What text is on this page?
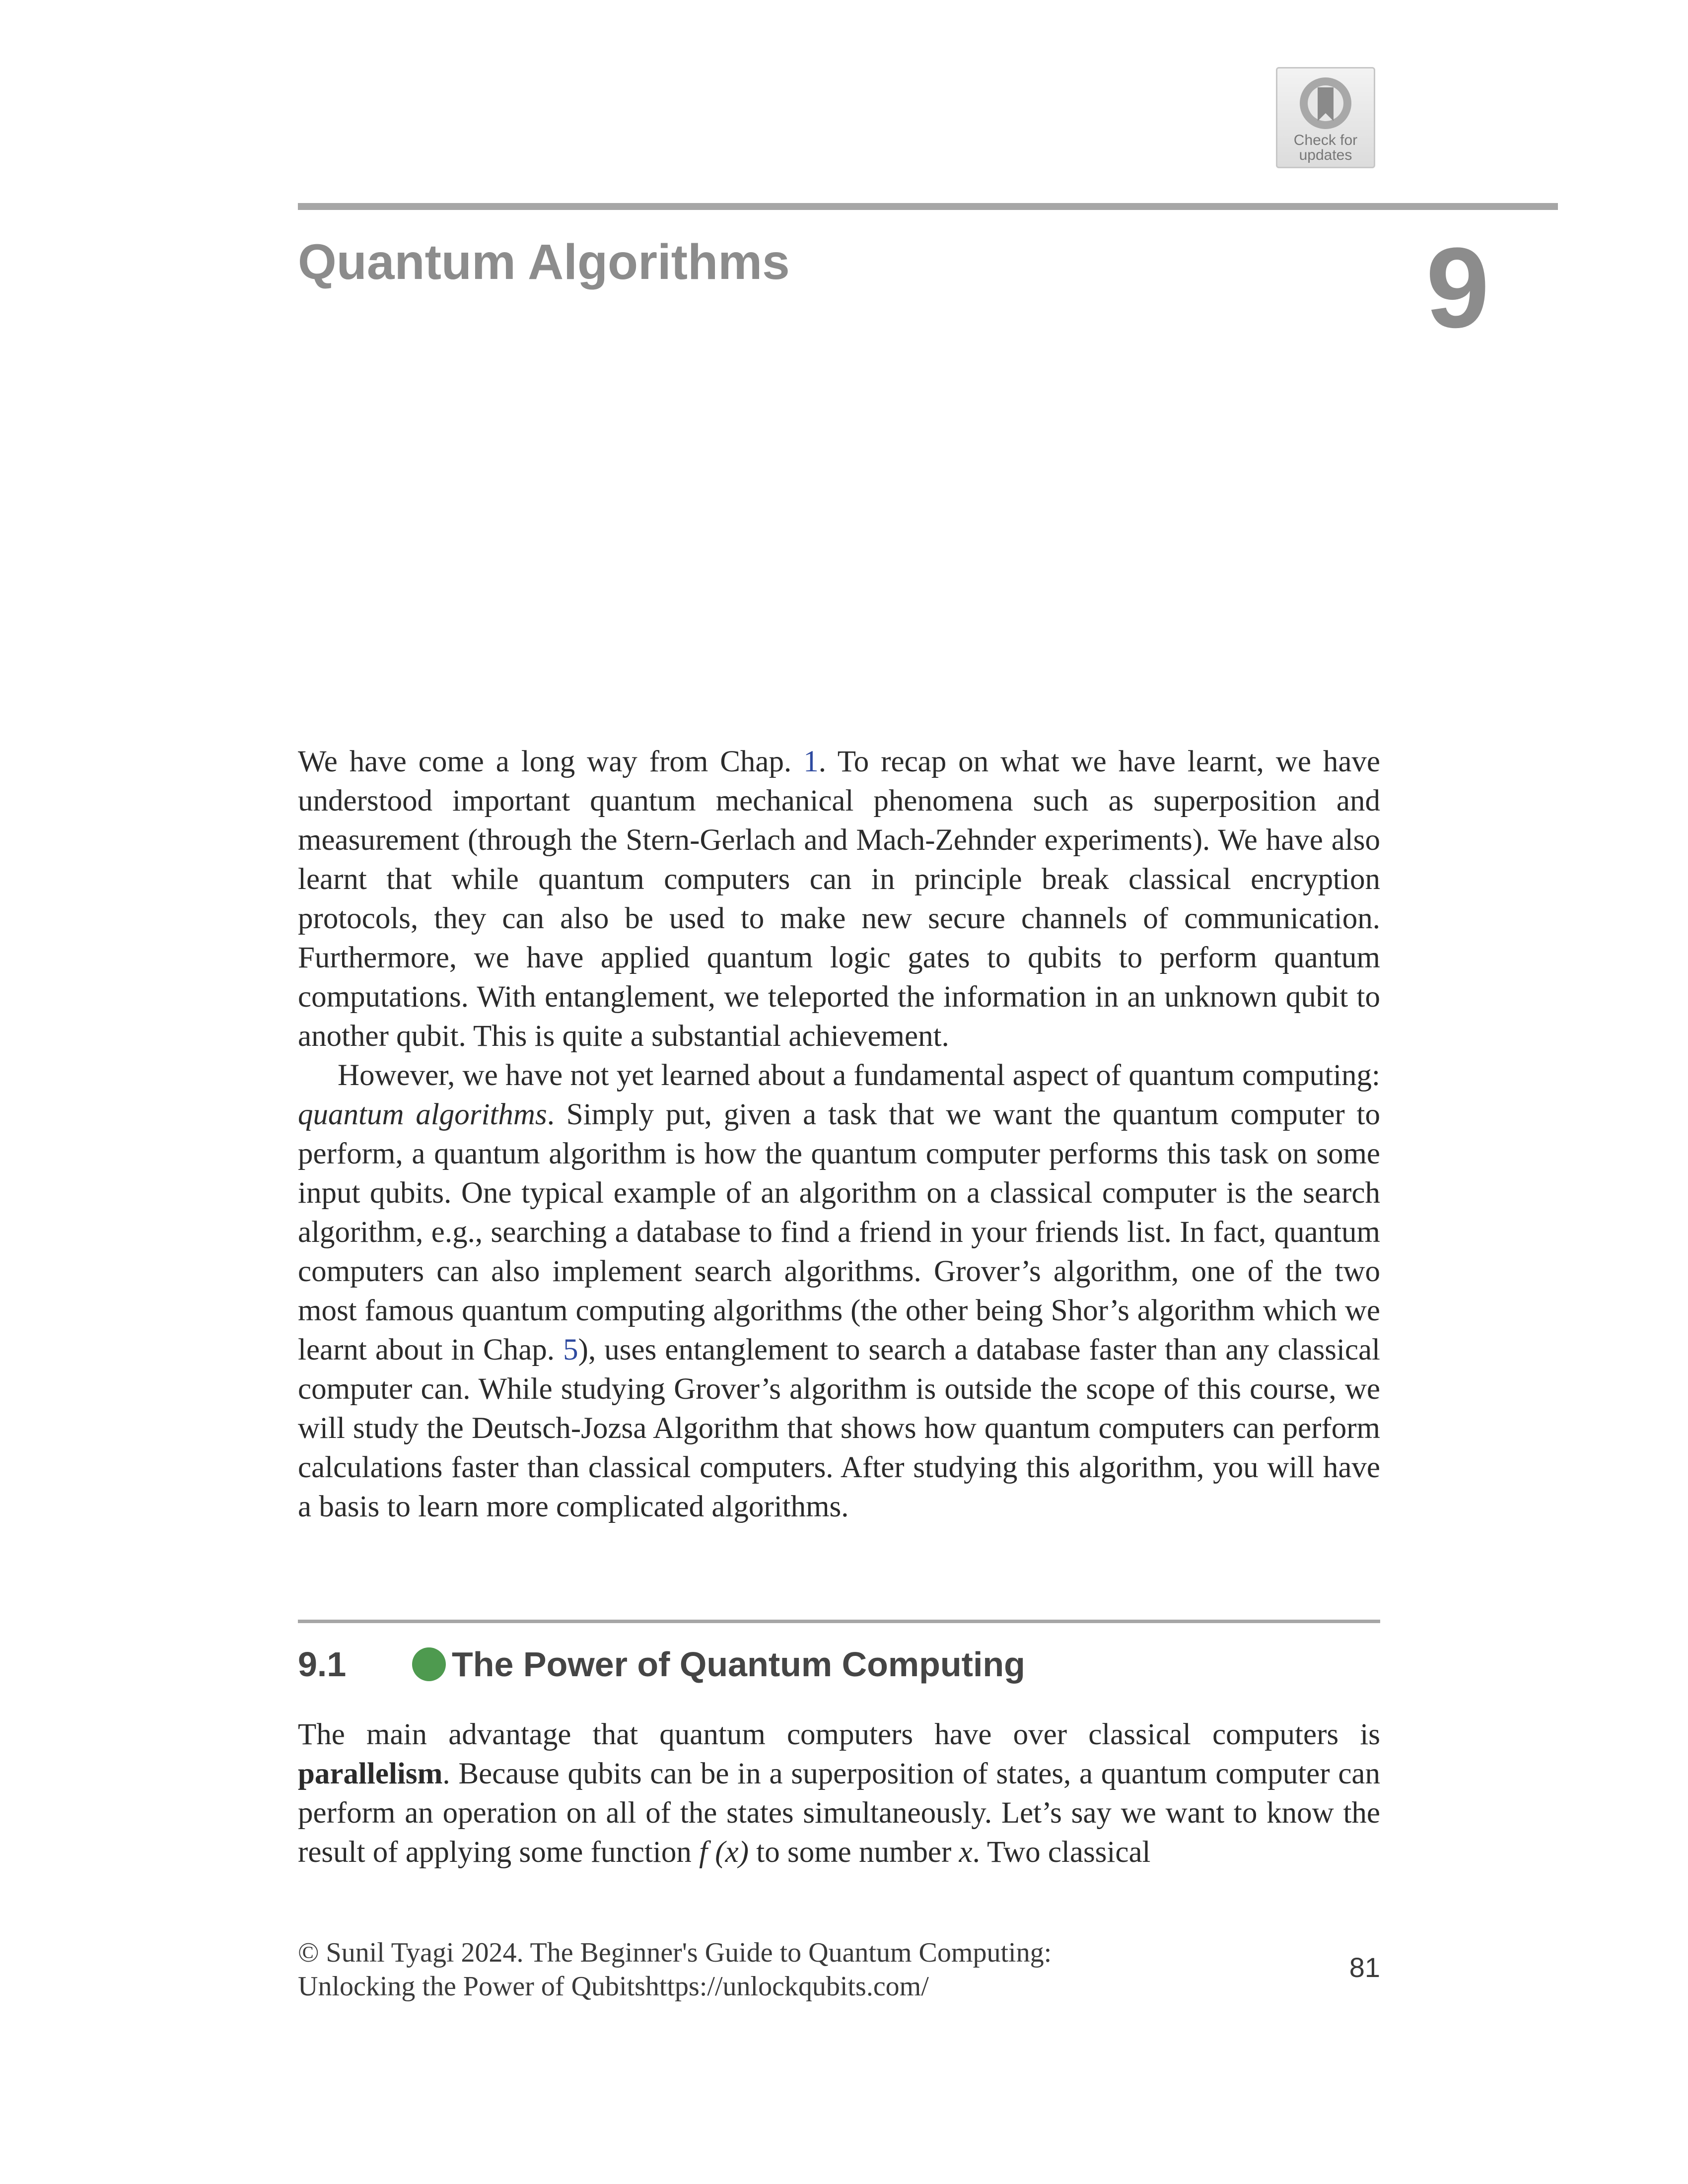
Check for
updates
Quantum Algorithms	9

We have come a long way from Chap. 1. To recap on what we have learnt, we have understood important quantum mechanical phenomena such as superposition and measurement (through the Stern-Gerlach and Mach-Zehnder experiments). We have also learnt that while quantum computers can in principle break classical encryption protocols, they can also be used to make new secure channels of communication. Furthermore, we have applied quantum logic gates to qubits to perform quantum computations. With entanglement, we teleported the information in an unknown qubit to another qubit. This is quite a substantial achievement.

However, we have not yet learned about a fundamental aspect of quantum computing: quantum algorithms. Simply put, given a task that we want the quantum computer to perform, a quantum algorithm is how the quantum computer performs this task on some input qubits. One typical example of an algorithm on a classical computer is the search algorithm, e.g., searching a database to find a friend in your friends list. In fact, quantum computers can also implement search algorithms. Grover’s algorithm, one of the two most famous quantum computing algorithms (the other being Shor’s algorithm which we learnt about in Chap. 5), uses entanglement to search a database faster than any classical computer can. While studying Grover’s algorithm is outside the scope of this course, we will study the Deutsch-Jozsa Algorithm that shows how quantum computers can perform calculations faster than classical computers. After studying this algorithm, you will have a basis to learn more complicated algorithms.

9.1	The Power of Quantum Computing

The main advantage that quantum computers have over classical computers is parallelism. Because qubits can be in a superposition of states, a quantum computer can perform an operation on all of the states simultaneously. Let’s say we want to know the result of applying some function f (x) to some number x. Two classical

© Sunil Tyagi 2024. The Beginner's Guide to Quantum Computing:
Unlocking the Power of Qubitshttps://unlockqubits.com/
81
